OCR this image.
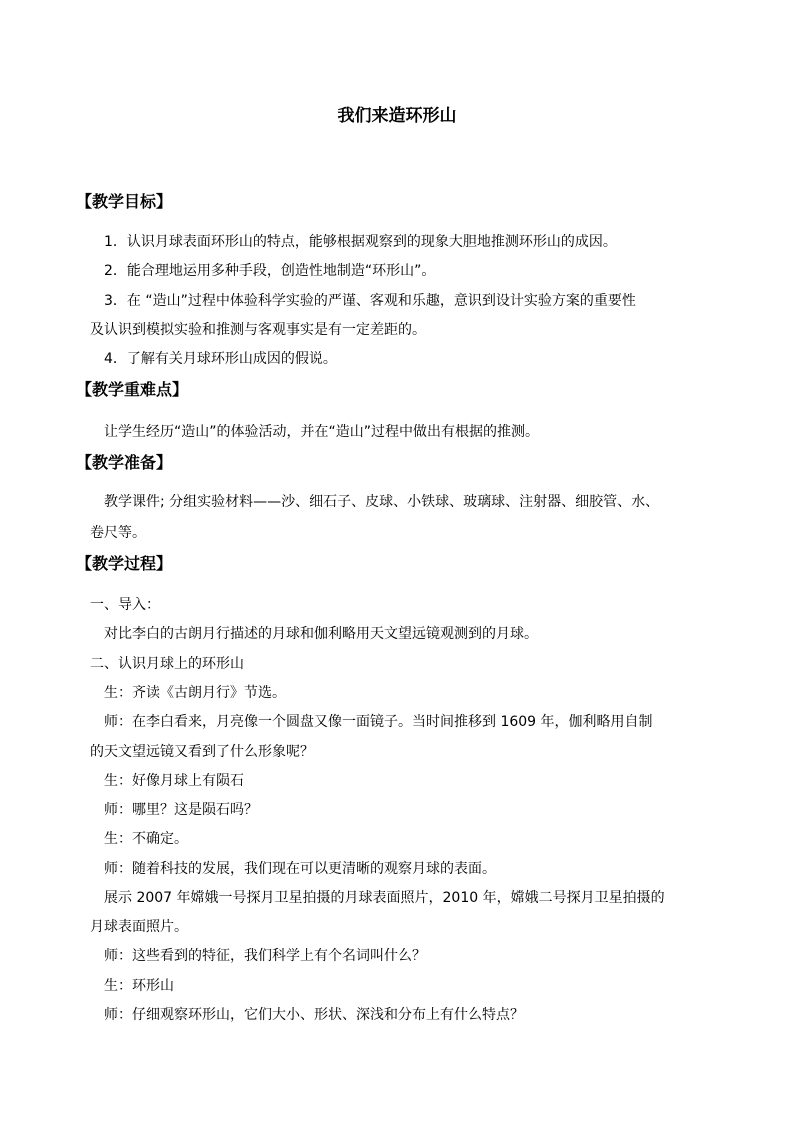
我们来造环形山
【教学目标】
1．认识月球表面环形山的特点，能够根据观察到的现象大胆地推测环形山的成因。
2．能合理地运用多种手段，创造性地制造“环形山”。
3．在 “造山”过程中体验科学实验的严谨、客观和乐趣，意识到设计实验方案的重要性
及认识到模拟实验和推测与客观事实是有一定差距的。
4．了解有关月球环形山成因的假说。
【教学重难点】
让学生经历“造山”的体验活动，并在“造山”过程中做出有根据的推测。
【教学准备】
教学课件; 分组实验材料——沙、细石子、皮球、小铁球、玻璃球、注射器、细胶管、水、
卷尺等。
【教学过程】
一、导入：
对比李白的古朗月行描述的月球和伽利略用天文望远镜观测到的月球。
二、认识月球上的环形山
生：齐读《古朗月行》节选。
师：在李白看来，月亮像一个圆盘又像一面镜子。当时间推移到 1609 年，伽利略用自制
的天文望远镜又看到了什么形象呢？
生：好像月球上有陨石
师：哪里？这是陨石吗？
生：不确定。
师：随着科技的发展，我们现在可以更清晰的观察月球的表面。
展示 2007 年嫦娥一号探月卫星拍摄的月球表面照片，2010 年，嫦娥二号探月卫星拍摄的
月球表面照片。
师：这些看到的特征，我们科学上有个名词叫什么？
生：环形山
师：仔细观察环形山，它们大小、形状、深浅和分布上有什么特点？
